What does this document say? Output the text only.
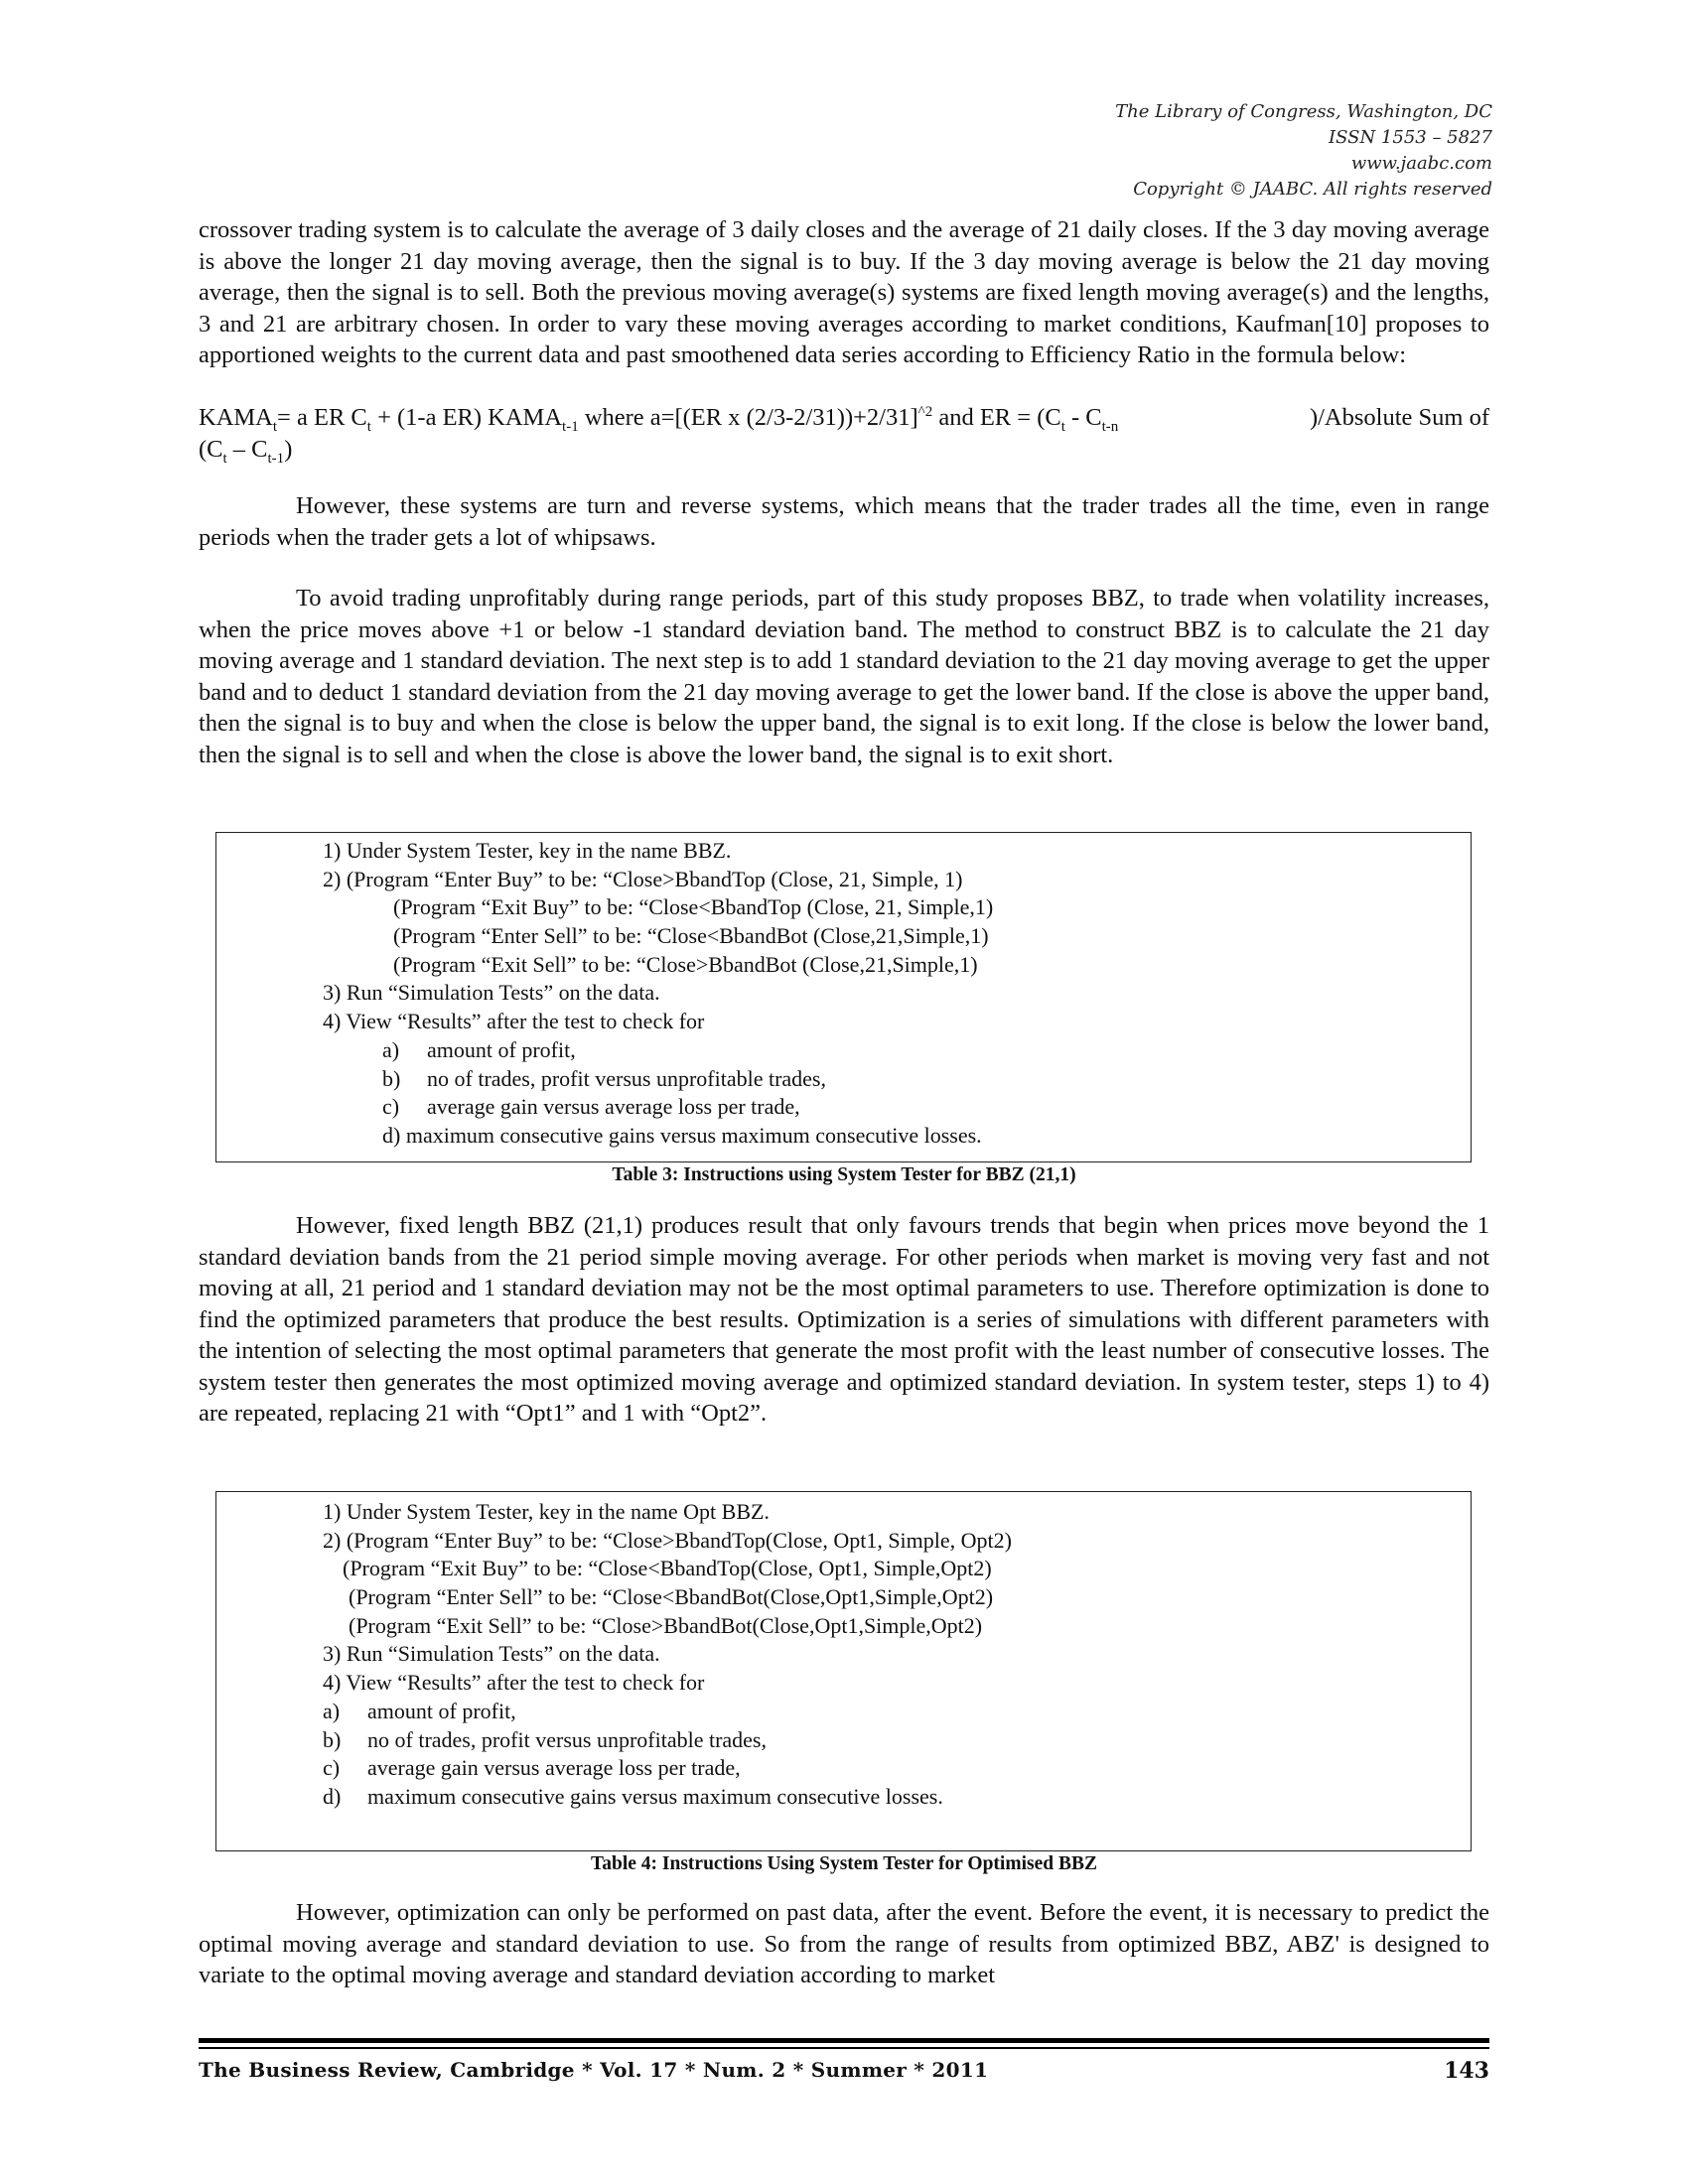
The Library of Congress, Washington, DC
ISSN 1553 – 5827
www.jaabc.com
Copyright © JAABC. All rights reserved

crossover trading system is to calculate the average of 3 daily closes and the average of 21 daily closes. If the 3 day moving average is above the longer 21 day moving average, then the signal is to buy. If the 3 day moving average is below the 21 day moving average, then the signal is to sell. Both the previous moving average(s) systems are fixed length moving average(s) and the lengths, 3 and 21 are arbitrary chosen. In order to vary these moving averages according to market conditions, Kaufman[10] proposes to apportioned weights to the current data and past smoothened data series according to Efficiency Ratio in the formula below:

$KAMA_t= a$ ER $C_t + (1-a$ ER) $KAMA_{t-1}$ where a=[(ER x (2/3-2/31))+2/31]$^{\^{}2}$ and ER = ($C_t - C_{t-n}$	)/Absolute Sum of
$(C_t - C_{t-1})$

However, these systems are turn and reverse systems, which means that the trader trades all the time, even in range periods when the trader gets a lot of whipsaws.

To avoid trading unprofitably during range periods, part of this study proposes BBZ, to trade when volatility increases, when the price moves above +1 or below -1 standard deviation band. The method to construct BBZ is to calculate the 21 day moving average and 1 standard deviation. The next step is to add 1 standard deviation to the 21 day moving average to get the upper band and to deduct 1 standard deviation from the 21 day moving average to get the lower band. If the close is above the upper band, then the signal is to buy and when the close is below the upper band, the signal is to exit long. If the close is below the lower band, then the signal is to sell and when the close is above the lower band, the signal is to exit short.

1) Under System Tester, key in the name BBZ.
2) (Program “Enter Buy” to be: “Close>BbandTop (Close, 21, Simple, 1)
(Program “Exit Buy” to be: “Close<BbandTop (Close, 21, Simple,1)
(Program “Enter Sell” to be: “Close<BbandBot (Close,21,Simple,1)
(Program “Exit Sell” to be: “Close>BbandBot (Close,21,Simple,1)
3) Run “Simulation Tests” on the data.
4) View “Results” after the test to check for
a) amount of profit,
b) no of trades, profit versus unprofitable trades,
c) average gain versus average loss per trade,
d) maximum consecutive gains versus maximum consecutive losses.
Table 3: Instructions using System Tester for BBZ (21,1)

However, fixed length BBZ (21,1) produces result that only favours trends that begin when prices move beyond the 1 standard deviation bands from the 21 period simple moving average. For other periods when market is moving very fast and not moving at all, 21 period and 1 standard deviation may not be the most optimal parameters to use. Therefore optimization is done to find the optimized parameters that produce the best results. Optimization is a series of simulations with different parameters with the intention of selecting the most optimal parameters that generate the most profit with the least number of consecutive losses. The system tester then generates the most optimized moving average and optimized standard deviation. In system tester, steps 1) to 4) are repeated, replacing 21 with “Opt1” and 1 with “Opt2”.

1) Under System Tester, key in the name Opt BBZ.
2) (Program “Enter Buy” to be: “Close>BbandTop(Close, Opt1, Simple, Opt2)
(Program “Exit Buy” to be: “Close<BbandTop(Close, Opt1, Simple,Opt2)
(Program “Enter Sell” to be: “Close<BbandBot(Close,Opt1,Simple,Opt2)
(Program “Exit Sell” to be: “Close>BbandBot(Close,Opt1,Simple,Opt2)
3) Run “Simulation Tests” on the data.
4) View “Results” after the test to check for
a) amount of profit,
b) no of trades, profit versus unprofitable trades,
c) average gain versus average loss per trade,
d) maximum consecutive gains versus maximum consecutive losses.
Table 4: Instructions Using System Tester for Optimised BBZ

However, optimization can only be performed on past data, after the event. Before the event, it is necessary to predict the optimal moving average and standard deviation to use. So from the range of results from optimized BBZ, ABZ' is designed to variate to the optimal moving average and standard deviation according to market

The Business Review, Cambridge * Vol. 17 * Num. 2 * Summer * 2011	143
